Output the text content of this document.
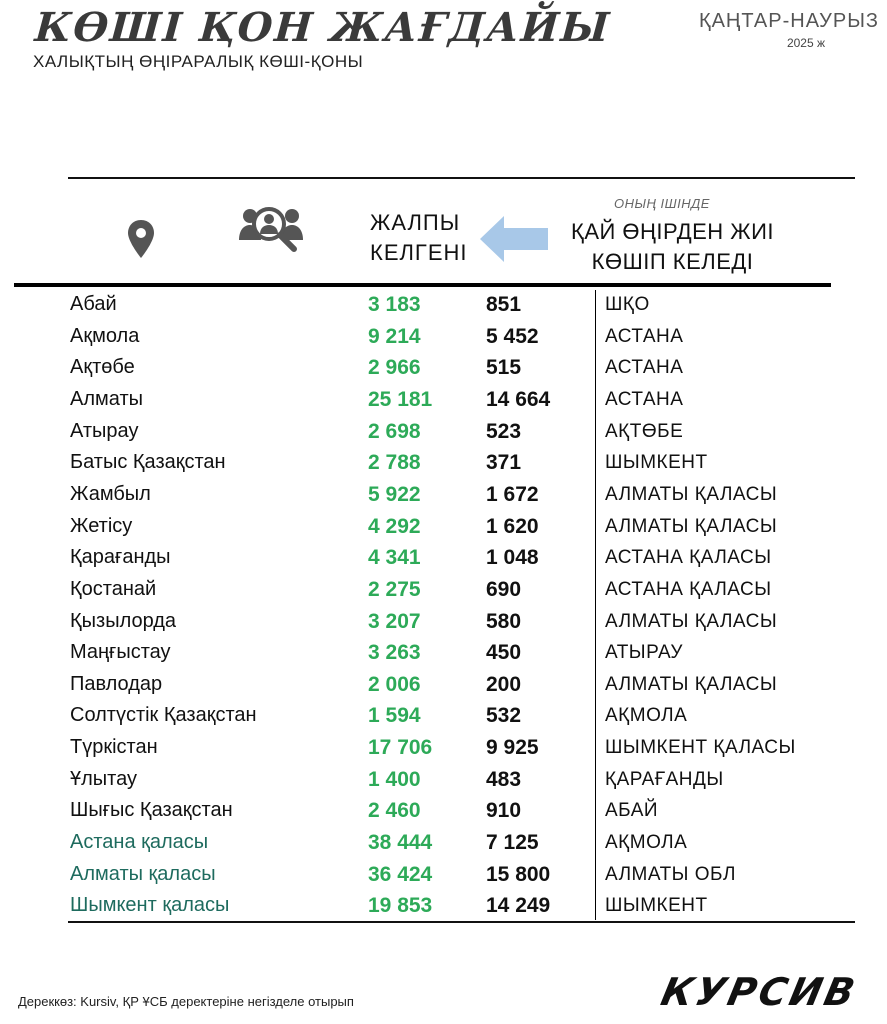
КӨШІ ҚОН ЖАҒДАЙЫ
ХАЛЫҚТЫҢ ӨҢІРАРАЛЫҚ КӨШІ-ҚОНЫ
ҚАҢТАР-НАУРЫЗ
2025 ж
ЖАЛПЫ
КЕЛГЕНІ
ОНЫҢ ІШІНДЕ
ҚАЙ ӨҢІРДЕН ЖИІ
КӨШІП КЕЛЕДІ
Абай	3 183	851	ШҚО
Ақмола	9 214	5 452	АСТАНА
Ақтөбе	2 966	515	АСТАНА
Алматы	25 181	14 664	АСТАНА
Атырау	2 698	523	АҚТӨБЕ
Батыс Қазақстан	2 788	371	ШЫМКЕНТ
Жамбыл	5 922	1 672	АЛМАТЫ ҚАЛАСЫ
Жетісу	4 292	1 620	АЛМАТЫ ҚАЛАСЫ
Қарағанды	4 341	1 048	АСТАНА ҚАЛАСЫ
Қостанай	2 275	690	АСТАНА ҚАЛАСЫ
Қызылорда	3 207	580	АЛМАТЫ ҚАЛАСЫ
Маңғыстау	3 263	450	АТЫРАУ
Павлодар	2 006	200	АЛМАТЫ ҚАЛАСЫ
Солтүстік Қазақстан	1 594	532	АҚМОЛА
Түркістан	17 706	9 925	ШЫМКЕНТ ҚАЛАСЫ
Ұлытау	1 400	483	ҚАРАҒАНДЫ
Шығыс Қазақстан	2 460	910	АБАЙ
Астана қаласы	38 444	7 125	АҚМОЛА
Алматы қаласы	36 424	15 800	АЛМАТЫ ОБЛ
Шымкент қаласы	19 853	14 249	ШЫМКЕНТ
Дереккөз: Kursiv, ҚР ҰСБ деректеріне негізделе отырып	КУРСИВ
